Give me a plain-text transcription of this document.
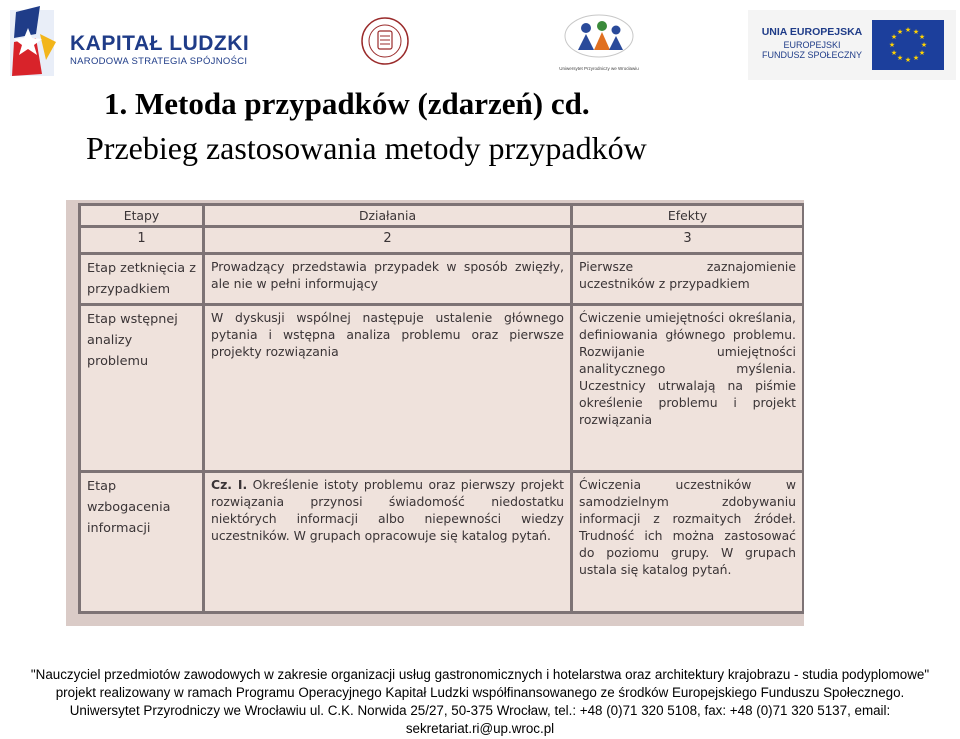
KAPITAŁ LUDZKI
NARODOWA STRATEGIA SPÓJNOŚCI
Uniwersytet Przyrodniczy we Wrocławiu
UNIA EUROPEJSKA
EUROPEJSKI
FUNDUSZ SPOŁECZNY
★ ★
★
★
★
★
★
★
★
★
★
★
1. Metoda przypadków (zdarzeń) cd.
Przebieg zastosowania metody przypadków
Etapy	Działania	Efekty
1	2	3
Etap zetknięcia z przypadkiem	Prowadzący przedstawia przypadek w sposób zwięzły, ale nie w pełni informujący	Pierwsze zaznajomienie uczestników z przypadkiem
Etap wstępnej analizy problemu	W dyskusji wspólnej następuje ustalenie głównego pytania i wstępna analiza problemu oraz pierwsze projekty rozwiązania	Ćwiczenie umiejętności określania, definiowania głównego problemu. Rozwijanie umiejętności analitycznego myślenia. Uczestnicy utrwalają na piśmie określenie problemu i projekt rozwiązania
Etap wzbogacenia informacji	Cz. I. Określenie istoty problemu oraz pierwszy projekt rozwiązania przynosi świadomość niedostatku niektórych informacji albo niepewności wiedzy uczestników. W grupach opracowuje się katalog pytań.	Ćwiczenia uczestników w samodzielnym zdobywaniu informacji z rozmaitych źródeł. Trudność ich można zastosować do poziomu grupy. W grupach ustala się katalog pytań.
"Nauczyciel przedmiotów zawodowych w zakresie organizacji usług gastronomicznych i hotelarstwa oraz architektury krajobrazu - studia podyplomowe"
projekt realizowany w ramach Programu Operacyjnego Kapitał Ludzki współfinansowanego ze środków Europejskiego Funduszu Społecznego.
Uniwersytet Przyrodniczy we Wrocławiu ul. C.K. Norwida 25/27, 50-375 Wrocław, tel.: +48 (0)71 320 5108, fax: +48 (0)71 320 5137, email:
sekretariat.ri@up.wroc.pl
